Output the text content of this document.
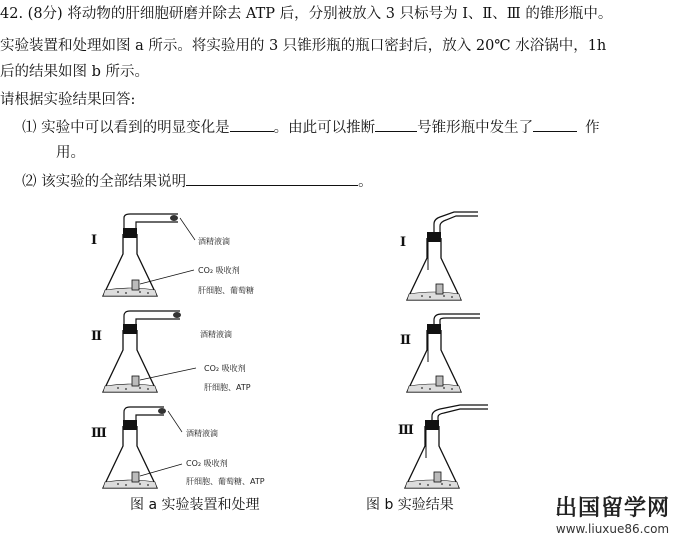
42. (8分) 将动物的肝细胞研磨并除去 ATP 后，分别被放入 3 只标号为 Ⅰ、Ⅱ、Ⅲ 的锥形瓶中。
实验装置和处理如图 a 所示。将实验用的 3 只锥形瓶的瓶口密封后，放入 20℃ 水浴锅中，1h
后的结果如图 b 所示。
请根据实验结果回答:
⑴ 实验中可以看到的明显变化是	。由此可以推断	号锥形瓶中发生了	作
用。
⑵ 该实验的全部结果说明	。
Ⅰ	酒精液滴
CO₂ 吸收剂
肝细胞、葡萄糖
Ⅱ	酒精液滴
CO₂ 吸收剂
肝细胞、ATP
Ⅲ	酒精液滴
CO₂ 吸收剂
肝细胞、葡萄糖、ATP
Ⅰ
Ⅱ
Ⅲ
图 a 实验装置和处理	图 b 实验结果	出国留学网
www.liuxue86.com
